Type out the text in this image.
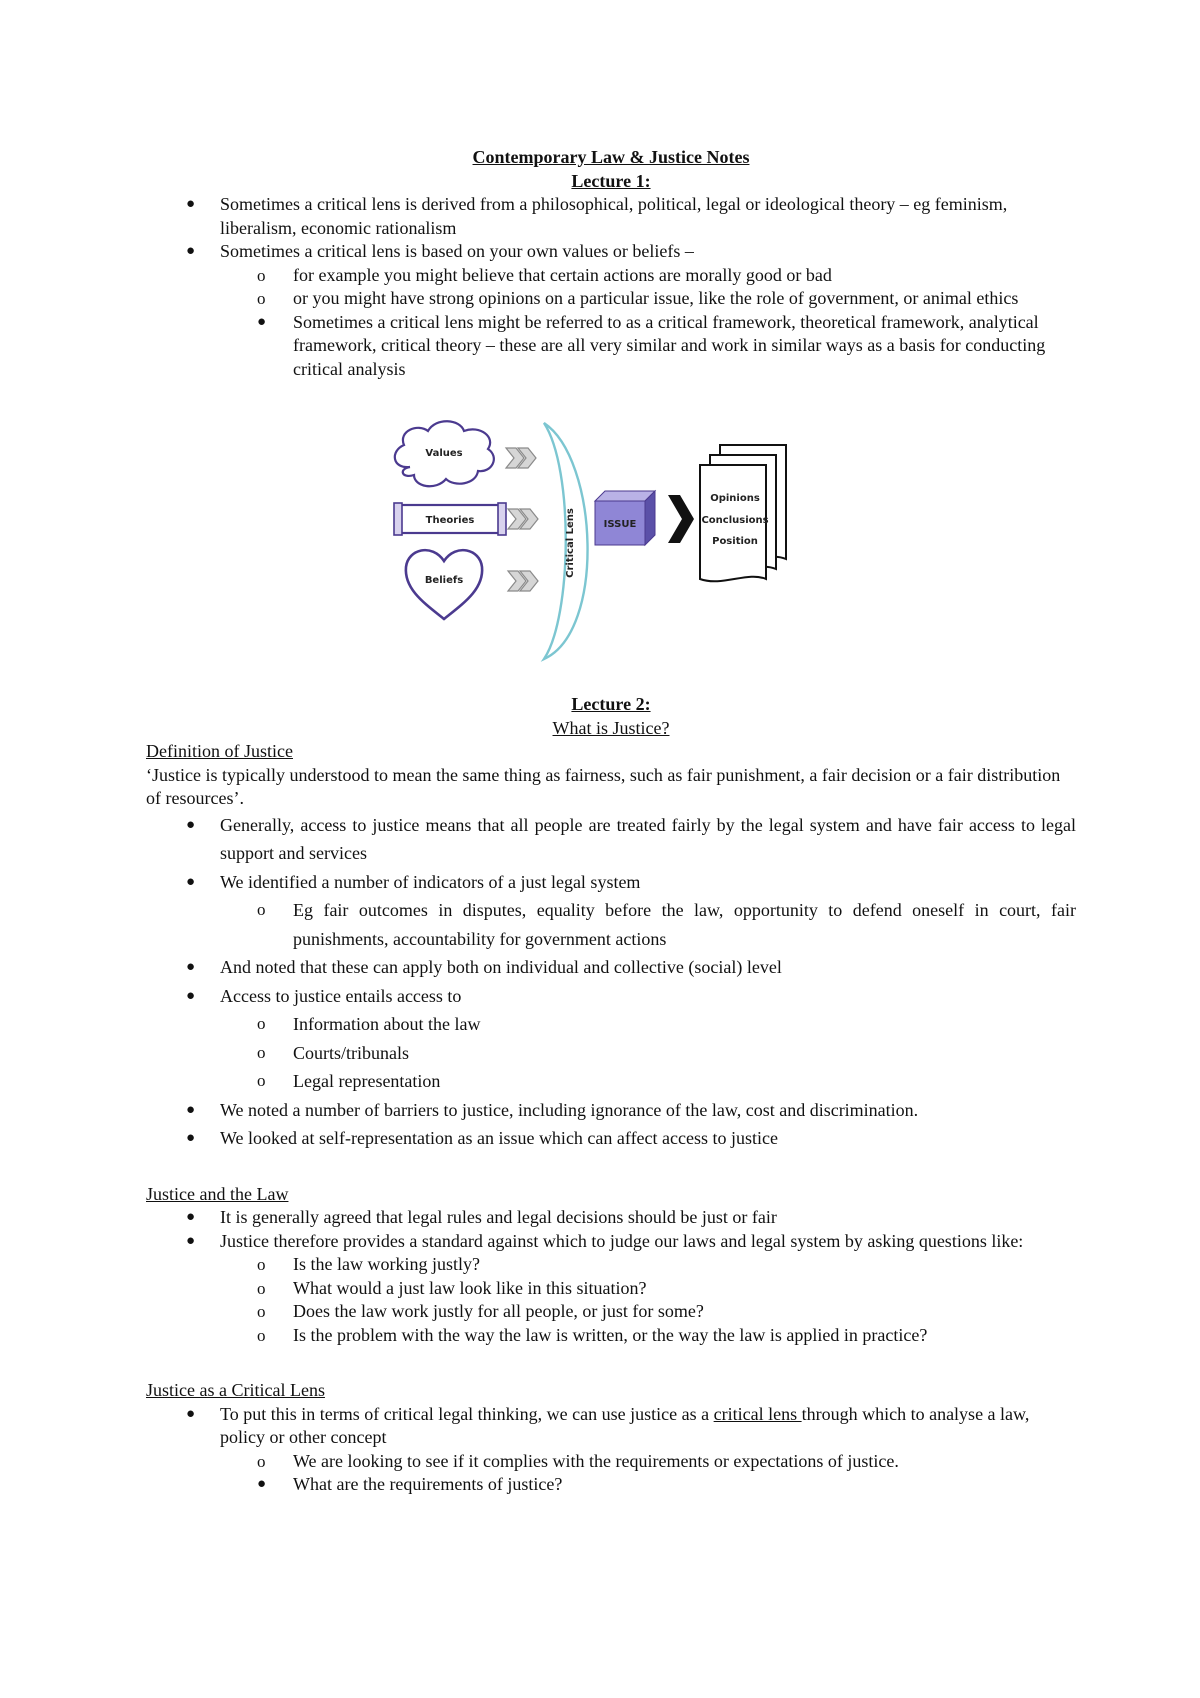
Contemporary Law & Justice Notes
Lecture 1:
● Sometimes a critical lens is derived from a philosophical, political, legal or ideological theory – eg feminism, liberalism, economic rationalism
● Sometimes a critical lens is based on your own values or beliefs –
o for example you might believe that certain actions are morally good or bad
o or you might have strong opinions on a particular issue, like the role of government, or animal ethics
● Sometimes a critical lens might be referred to as a critical framework, theoretical framework, analytical framework, critical theory – these are all very similar and work in similar ways as a basis for conducting critical analysis
Values
Theories
Beliefs
Critical Lens	ISSUE
Opinions
Conclusions
Position
Lecture 2:
What is Justice?
Definition of Justice
‘Justice is typically understood to mean the same thing as fairness, such as fair punishment, a fair decision or a fair distribution of resources’.
● Generally, access to justice means that all people are treated fairly by the legal system and have fair access to legal support and services
● We identified a number of indicators of a just legal system
o Eg fair outcomes in disputes, equality before the law, opportunity to defend oneself in court, fair punishments, accountability for government actions
● And noted that these can apply both on individual and collective (social) level
● Access to justice entails access to
o Information about the law
o Courts/tribunals
o Legal representation
● We noted a number of barriers to justice, including ignorance of the law, cost and discrimination.
● We looked at self-representation as an issue which can affect access to justice
Justice and the Law
● It is generally agreed that legal rules and legal decisions should be just or fair
● Justice therefore provides a standard against which to judge our laws and legal system by asking questions like:
o Is the law working justly?
o What would a just law look like in this situation?
o Does the law work justly for all people, or just for some?
o Is the problem with the way the law is written, or the way the law is applied in practice?
Justice as a Critical Lens
● To put this in terms of critical legal thinking, we can use justice as a critical lens through which to analyse a law, policy or other concept
o We are looking to see if it complies with the requirements or expectations of justice.
● What are the requirements of justice?
